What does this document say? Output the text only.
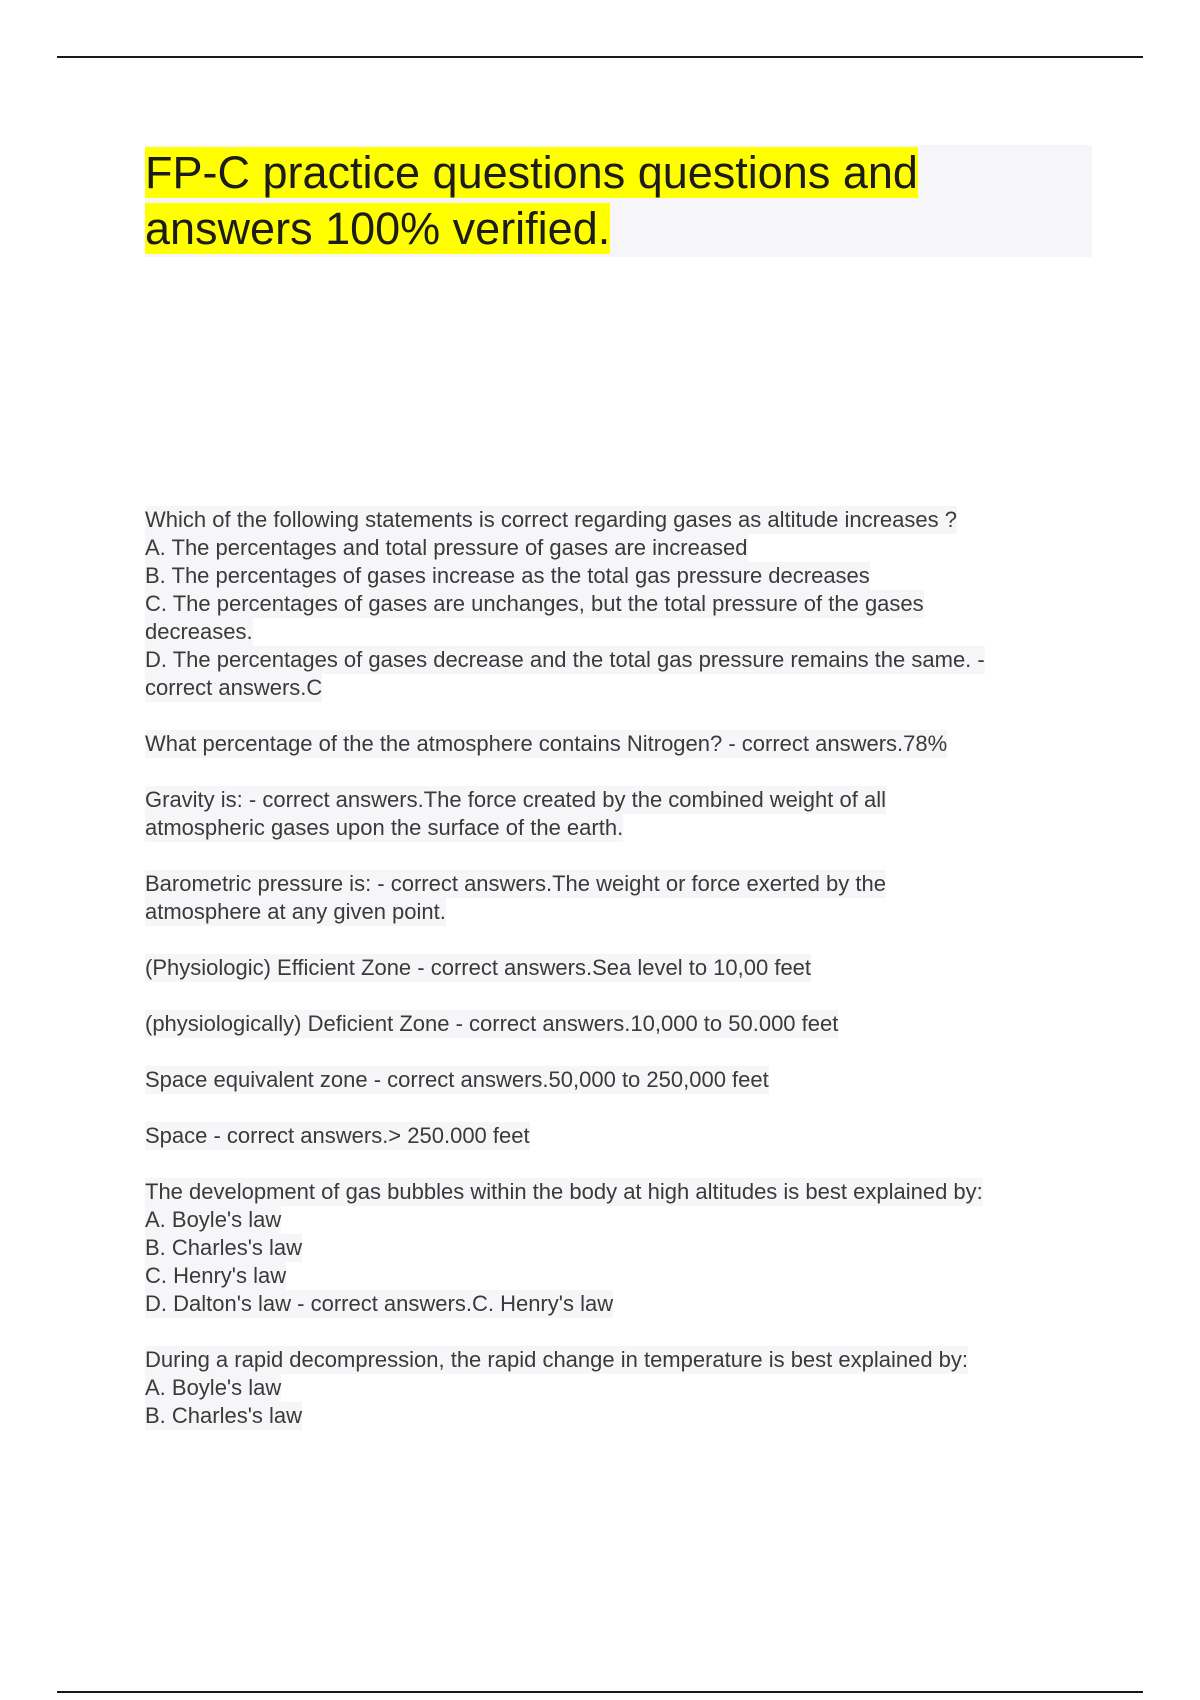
FP-C practice questions questions and answers 100% verified.

Which of the following statements is correct regarding gases as altitude increases ?
A. The percentages and total pressure of gases are increased
B. The percentages of gases increase as the total gas pressure decreases
C. The percentages of gases are unchanges, but the total pressure of the gases
decreases.
D. The percentages of gases decrease and the total gas pressure remains the same. -
correct answers.C

What percentage of the the atmosphere contains Nitrogen? - correct answers.78%

Gravity is: - correct answers.The force created by the combined weight of all
atmospheric gases upon the surface of the earth.

Barometric pressure is: - correct answers.The weight or force exerted by the
atmosphere at any given point.

(Physiologic) Efficient Zone - correct answers.Sea level to 10,00 feet

(physiologically) Deficient Zone - correct answers.10,000 to 50.000 feet

Space equivalent zone - correct answers.50,000 to 250,000 feet

Space - correct answers.> 250.000 feet

The development of gas bubbles within the body at high altitudes is best explained by:
A. Boyle's law
B. Charles's law
C. Henry's law
D. Dalton's law - correct answers.C. Henry's law

During a rapid decompression, the rapid change in temperature is best explained by:
A. Boyle's law
B. Charles's law
